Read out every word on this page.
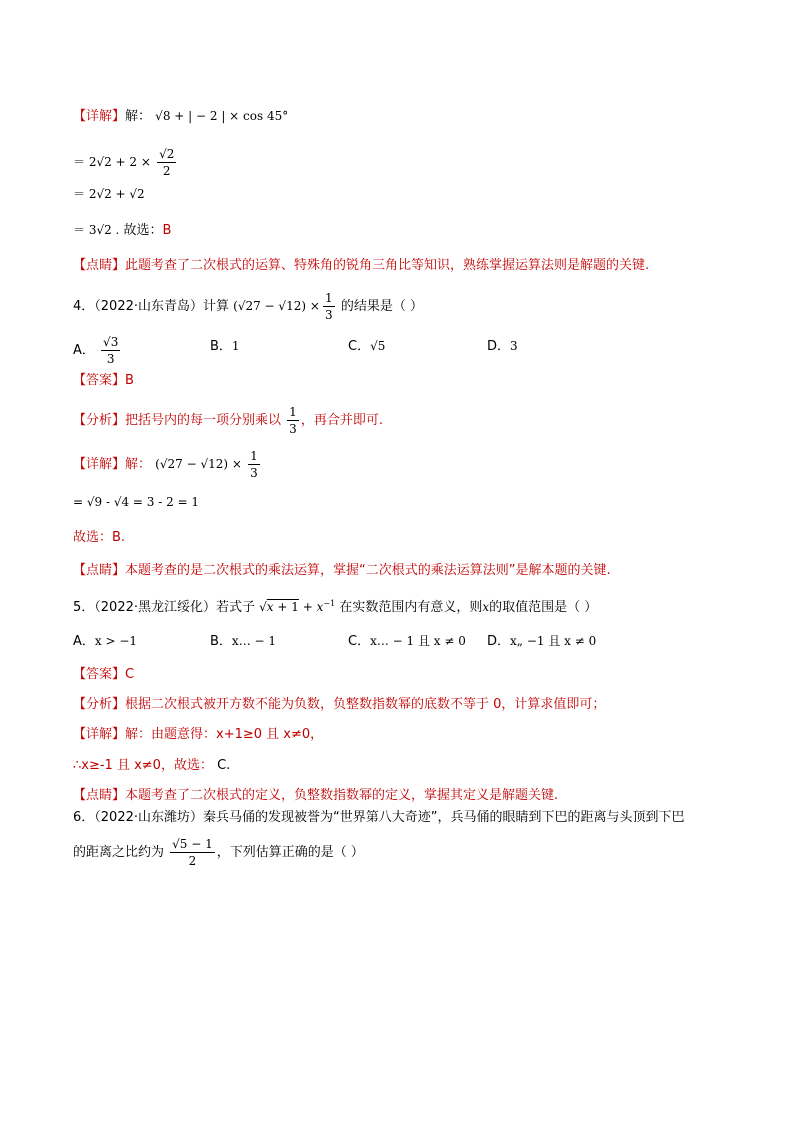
【详解】解： √8 + | − 2 | × cos 45°
＝ $2√2 + 2 \times \frac{√2}{2}$
＝ 2√2 + √2
＝ 3√2 . 故选：B
【点睛】此题考查了二次根式的运算、特殊角的锐角三角比等知识，熟练掌握运算法则是解题的关键.
4．（2022·山东青岛）计算 $(√27 - √12) \times \frac{1}{3}$ 的结果是（ ）
A． $\frac{√3}{3}$	B．1	C．√5	D．3
【答案】B
【分析】把括号内的每一项分别乘以 $\frac{1}{3}$ ，再合并即可.
【详解】解： $(√27 - √12) \times \frac{1}{3}$
= √9 - √4 = 3 - 2 = 1
故选：B.
【点睛】本题考查的是二次根式的乘法运算，掌握“二次根式的乘法运算法则”是解本题的关键.
5．（2022·黑龙江绥化）若式子 $√x + 1 + x^{-1}$ 在实数范围内有意义，则x的取值范围是（ ）
A．x > −1	B．x… − 1	C．x… − 1 且 x ≠ 0 D．x„ −1 且 x ≠ 0
【答案】C
【分析】根据二次根式被开方数不能为负数，负整数指数幂的底数不等于 0，计算求值即可；
【详解】解：由题意得：x+1≥0 且 x≠0，
∴x≥-1 且 x≠0，故选： C.
【点睛】本题考查了二次根式的定义，负整数指数幂的定义，掌握其定义是解题关键.
6．（2022·山东潍坊）秦兵马俑的发现被誉为“世界第八大奇迹”，兵马俑的眼睛到下巴的距离与头顶到下巴
的距离之比约为 $\frac{√5 - 1}{2}$ ，下列估算正确的是（ ）
